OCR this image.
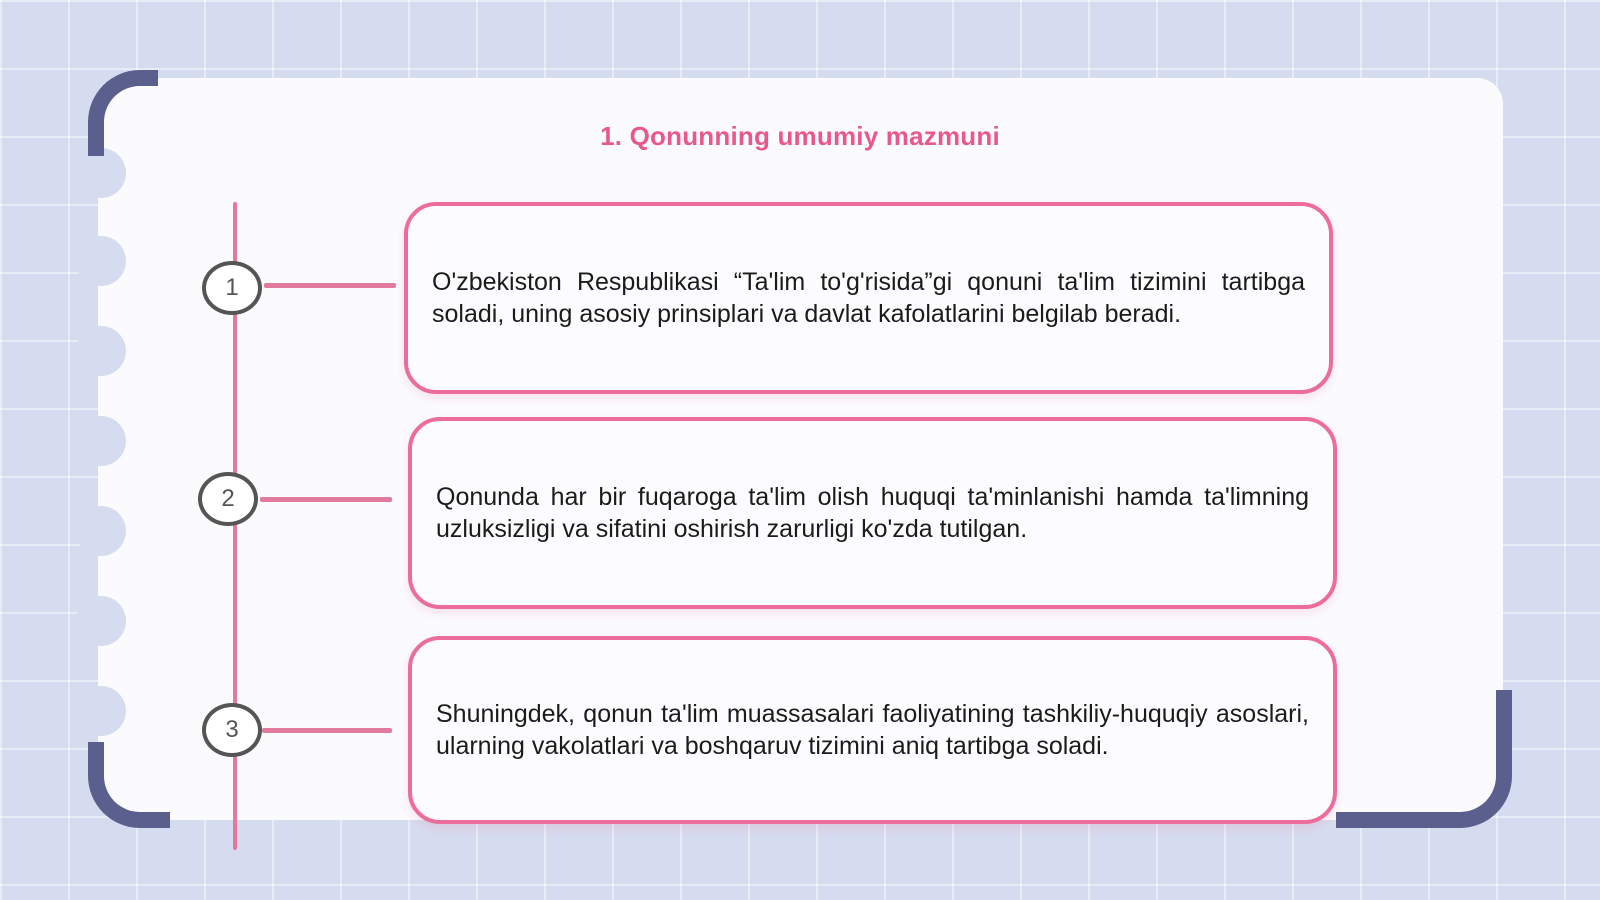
1. Qonunning umumiy mazmuni
1
2
3

O'zbekiston Respublikasi “Ta'lim to'g'risida”gi qonuni ta'lim tizimini tartibga soladi, uning asosiy prinsiplari va davlat kafolatlarini belgilab beradi.

Qonunda har bir fuqaroga ta'lim olish huquqi ta'minlanishi hamda ta'limning uzluksizligi va sifatini oshirish zarurligi ko'zda tutilgan.

Shuningdek, qonun ta'lim muassasalari faoliyatining tashkiliy-huquqiy asoslari, ularning vakolatlari va boshqaruv tizimini aniq tartibga soladi.
